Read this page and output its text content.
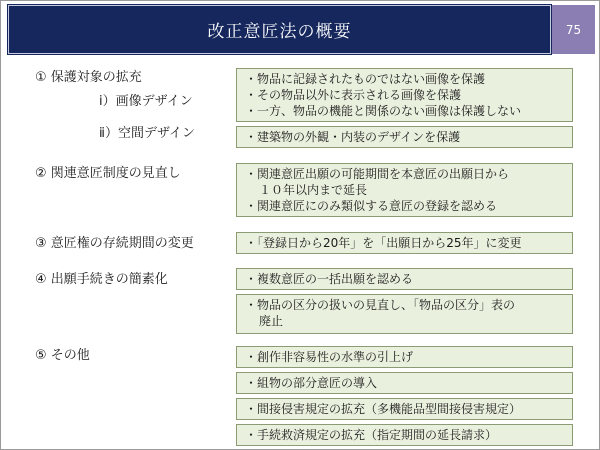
改正意匠法の概要	75
① 保護対象の拡充
ⅰ）画像デザイン
ⅱ）空間デザイン
② 関連意匠制度の見直し
③ 意匠権の存続期間の変更
④ 出願手続きの簡素化
⑤ その他
・物品に記録されたものではない画像を保護
・その物品以外に表示される画像を保護
・一方、物品の機能と関係のない画像は保護しない
・建築物の外観・内装のデザインを保護
・関連意匠出願の可能期間を本意匠の出願日から
１０年以内まで延長
・関連意匠にのみ類似する意匠の登録を認める
・「登録日から20年」を「出願日から25年」に変更
・複数意匠の一括出願を認める
・物品の区分の扱いの見直し、「物品の区分」表の
廃止
・創作非容易性の水準の引上げ
・組物の部分意匠の導入
・間接侵害規定の拡充（多機能品型間接侵害規定）
・手続救済規定の拡充（指定期間の延長請求）
